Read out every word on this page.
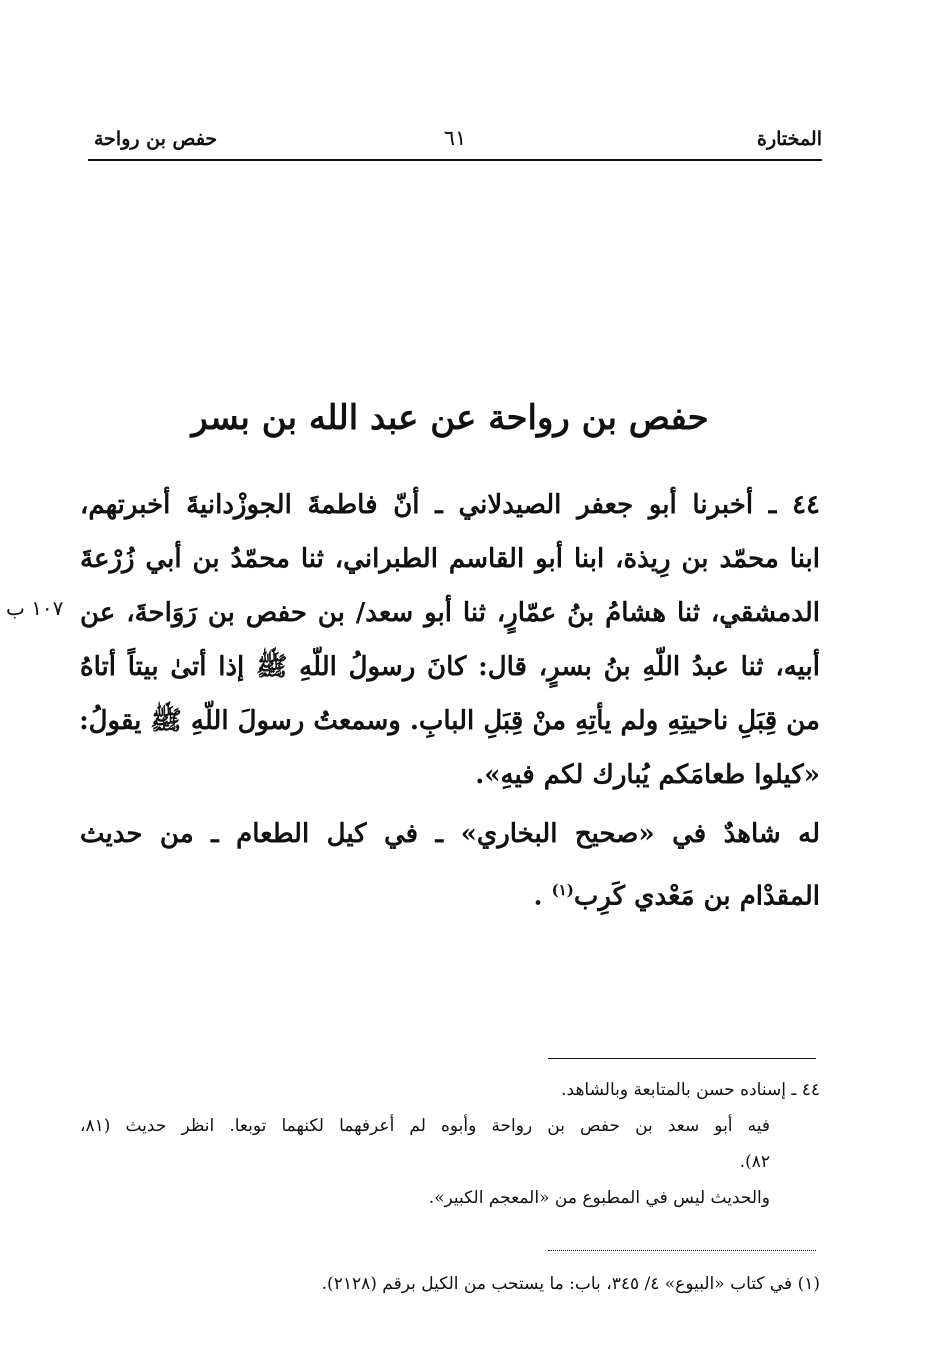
المختارة
٦١
حفص بن رواحة
حفص بن رواحة عن عبد الله بن بسر
٤٤ ـ أخبرنا أبو جعفر الصيدلاني ـ أنّ فاطمةَ الجوزْدانيةَ أخبرتهم،
ابنا محمّد بن رِيذة، ابنا أبو القاسم الطبراني، ثنا محمّدُ بن أبي زُرْعةَ
الدمشقي، ثنا هشامُ بنُ عمّارٍ، ثنا أبو سعد/ بن حفص بن رَوَاحةَ، عن
أبيه، ثنا عبدُ اللّهِ بنُ بسرٍ، قال: كانَ رسولُ اللّهِ ﷺ إذا أتىٰ بيتاً أتاهُ
من قِبَلِ ناحيتِهِ ولم يأتِهِ منْ قِبَلِ البابِ. وسمعتُ رسولَ اللّهِ ﷺ يقولُ:
«كيلوا طعامَكم يُبارك لكم فيهِ».
١٠٧ ب
له شاهدٌ في «صحيح البخاري» ـ في كيل الطعام ـ من حديث
المقدْام بن مَعْدي كَرِب$^{(١)}$ .
٤٤ ـ إسناده حسن بالمتابعة وبالشاهد.
فيه أبو سعد بن حفص بن رواحة وأبوه لم أعرفهما لكنهما توبعا. انظر حديث (٨١،
٨٢).
والحديث ليس في المطبوع من «المعجم الكبير».
(١) في كتاب «البيوع» ٤/ ٣٤٥، باب: ما يستحب من الكيل برقم (٢١٢٨).
